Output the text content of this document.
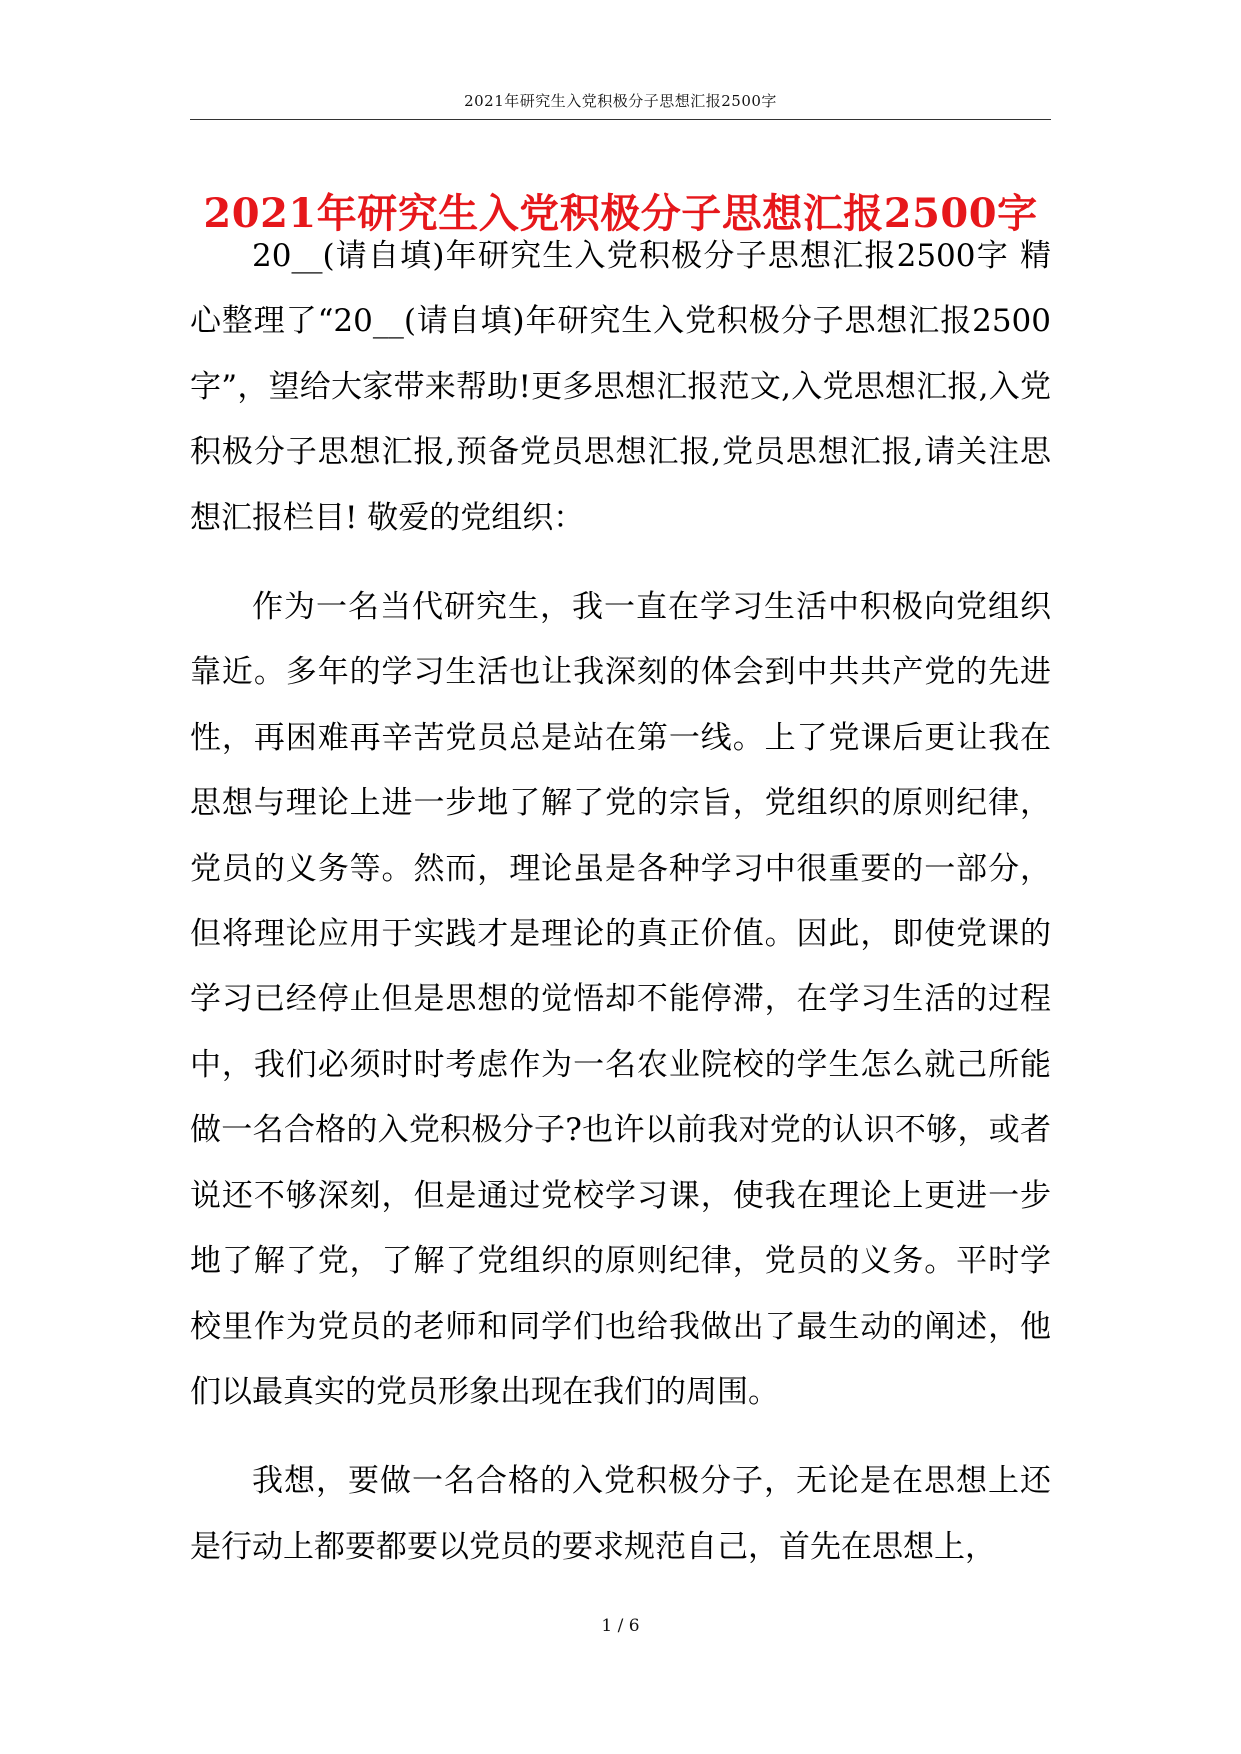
2021年研究生入党积极分子思想汇报2500字
2021年研究生入党积极分子思想汇报2500字

20__(请自填)年研究生入党积极分子思想汇报2500字 精心整理了“20__(请自填)年研究生入党积极分子思想汇报2500字”，望给大家带来帮助!更多思想汇报范文,入党思想汇报,入党积极分子思想汇报,预备党员思想汇报,党员思想汇报,请关注思想汇报栏目! 敬爱的党组织：

作为一名当代研究生，我一直在学习生活中积极向党组织靠近。多年的学习生活也让我深刻的体会到中共共产党的先进性，再困难再辛苦党员总是站在第一线。上了党课后更让我在思想与理论上进一步地了解了党的宗旨，党组织的原则纪律，党员的义务等。然而，理论虽是各种学习中很重要的一部分，但将理论应用于实践才是理论的真正价值。因此，即使党课的学习已经停止但是思想的觉悟却不能停滞，在学习生活的过程中，我们必须时时考虑作为一名农业院校的学生怎么就己所能做一名合格的入党积极分子?也许以前我对党的认识不够，或者说还不够深刻，但是通过党校学习课，使我在理论上更进一步地了解了党，了解了党组织的原则纪律，党员的义务。平时学校里作为党员的老师和同学们也给我做出了最生动的阐述，他们以最真实的党员形象出现在我们的周围。

我想，要做一名合格的入党积极分子，无论是在思想上还是行动上都要都要以党员的要求规范自己，首先在思想上，

1 / 6
